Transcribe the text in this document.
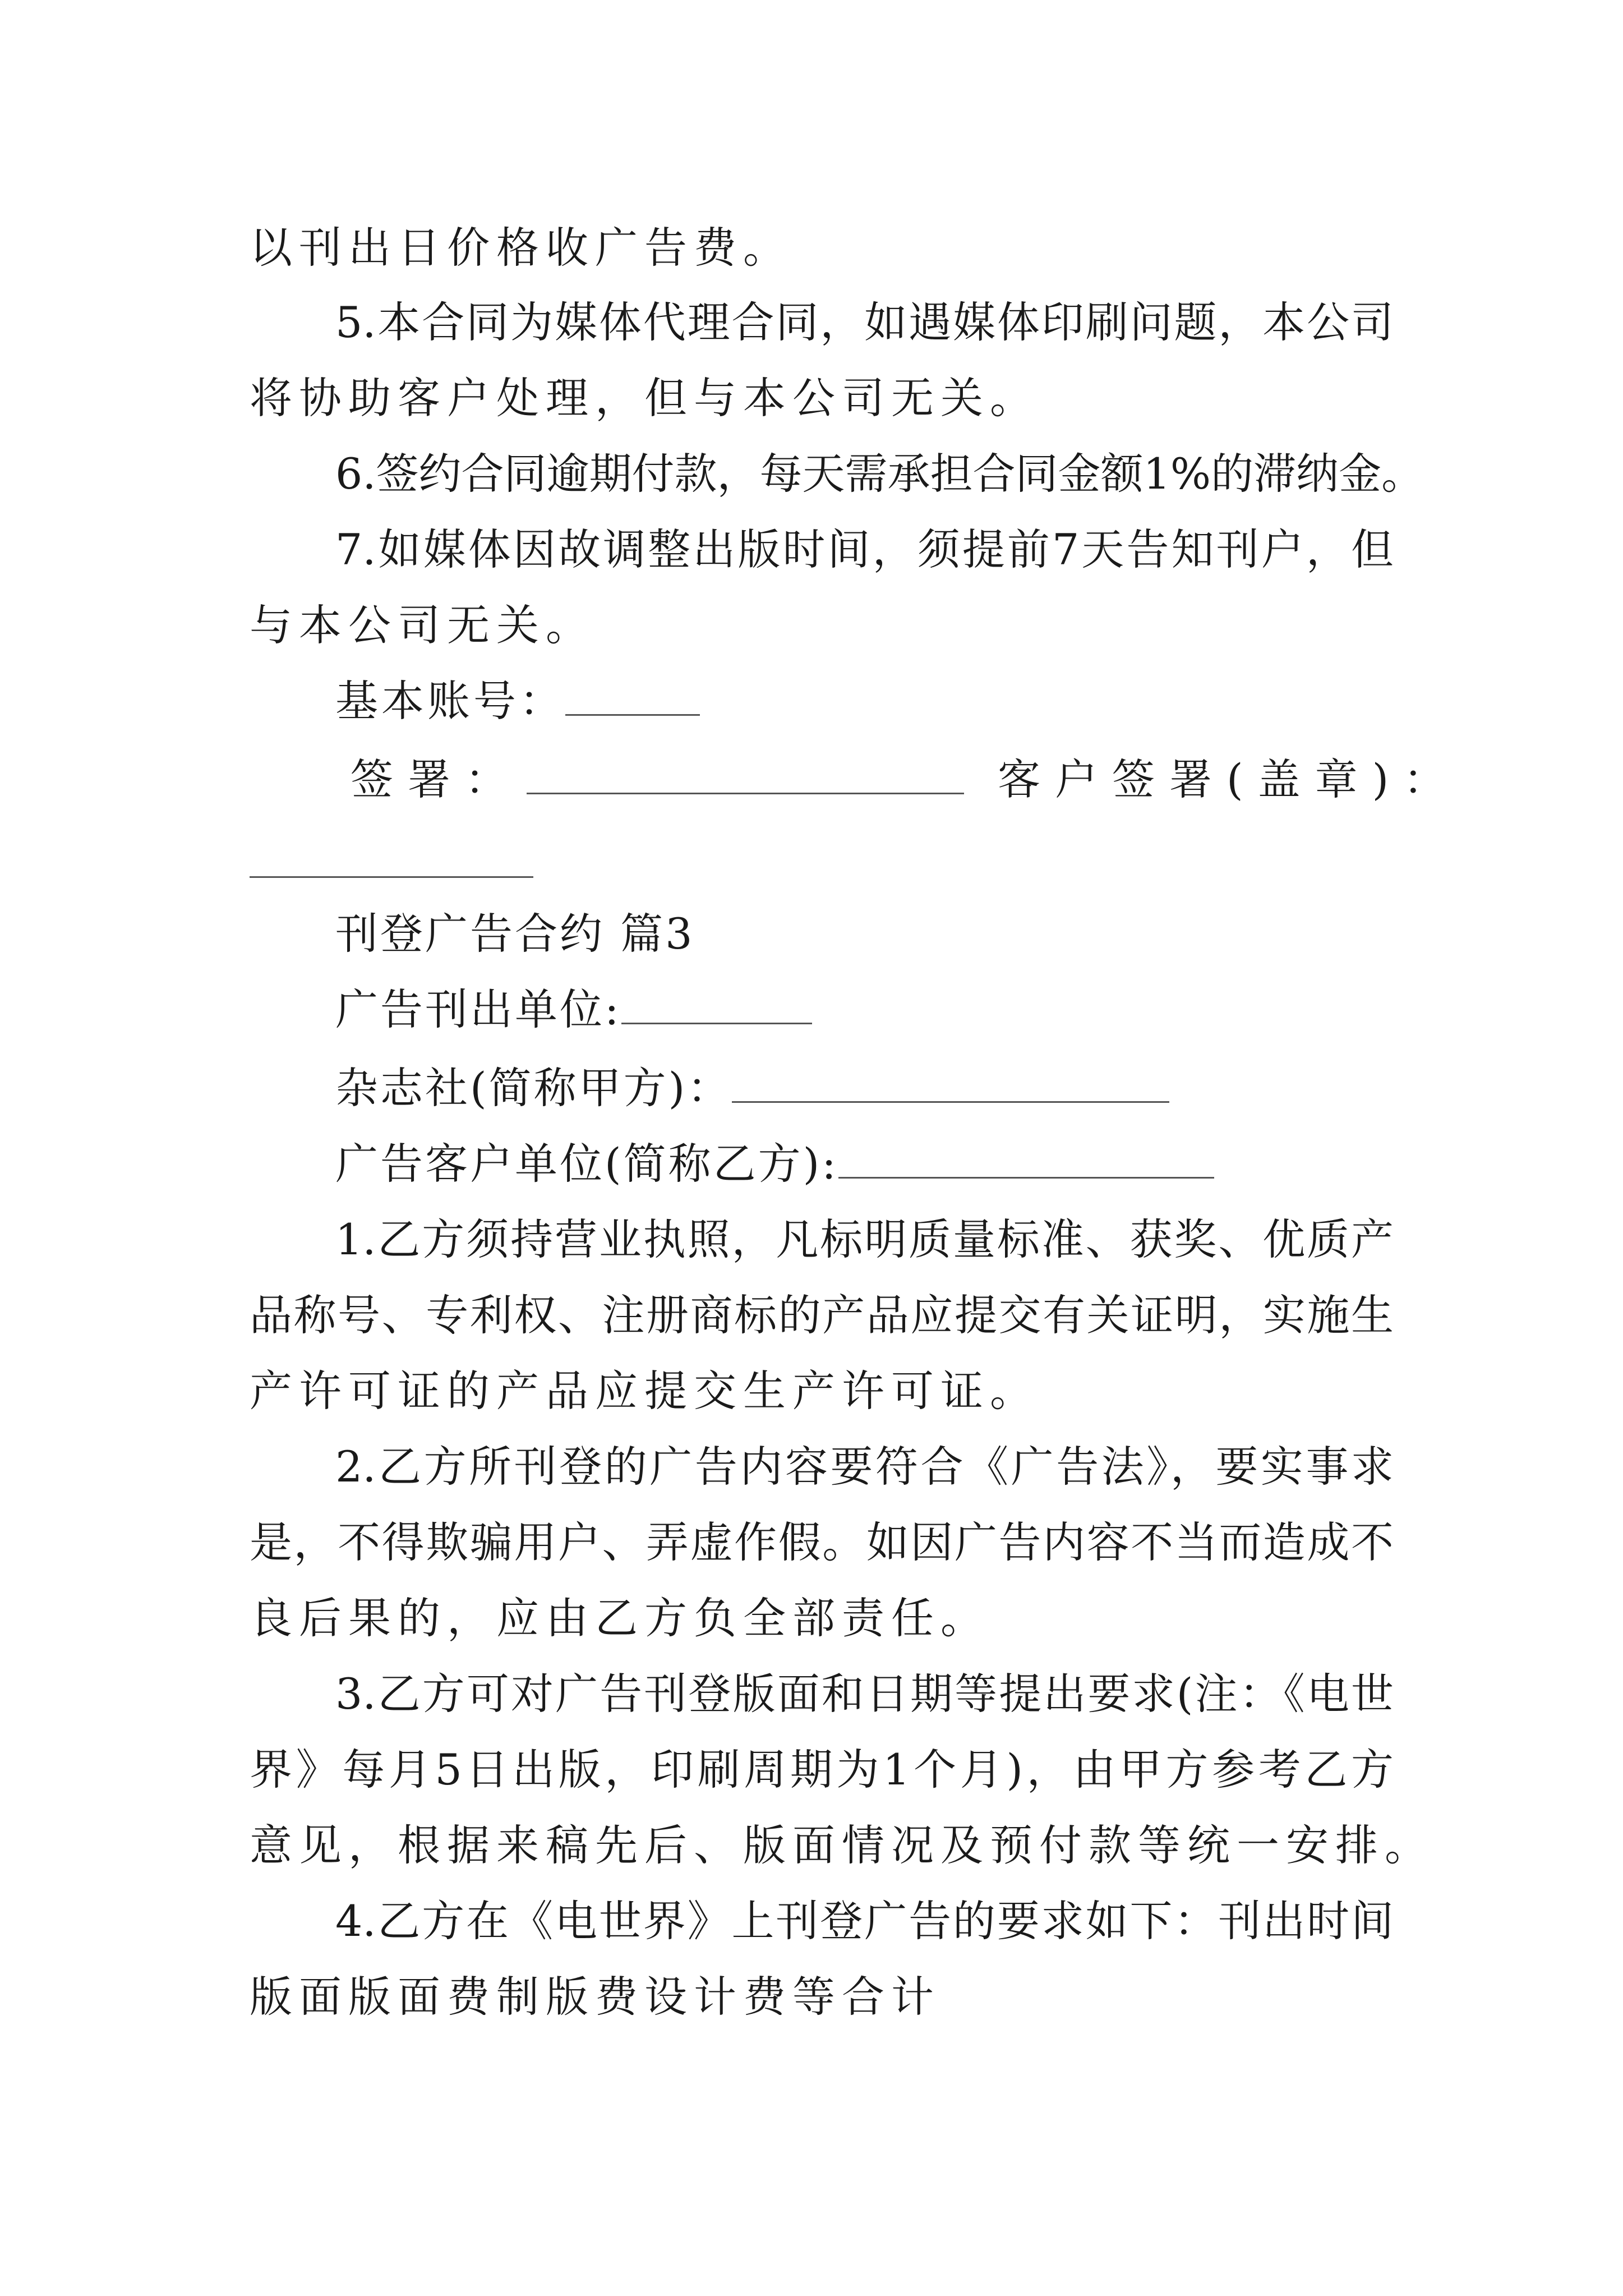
以刊出日价格收广告费。
5.本合同为媒体代理合同，如遇媒体印刷问题，本公司
将协助客户处理，但与本公司无关。
6.签约合同逾期付款，每天需承担合同金额1%的滞纳金。
7.如媒体因故调整出版时间，须提前7天告知刊户，但
与本公司无关。
基本账号：
签署：	客户签署(盖章)：
刊登广告合约 篇3
广告刊出单位:
杂志社(简称甲方)：
广告客户单位(简称乙方):
1.乙方须持营业执照，凡标明质量标准、获奖、优质产
品称号、专利权、注册商标的产品应提交有关证明，实施生
产许可证的产品应提交生产许可证。
2.乙方所刊登的广告内容要符合《广告法》，要实事求
是，不得欺骗用户、弄虚作假。如因广告内容不当而造成不
良后果的，应由乙方负全部责任。
3.乙方可对广告刊登版面和日期等提出要求(注：《电世
界》每月5日出版，印刷周期为1个月)，由甲方参考乙方
意见，根据来稿先后、版面情况及预付款等统一安排。
4.乙方在《电世界》上刊登广告的要求如下：刊出时间
版面版面费制版费设计费等合计
